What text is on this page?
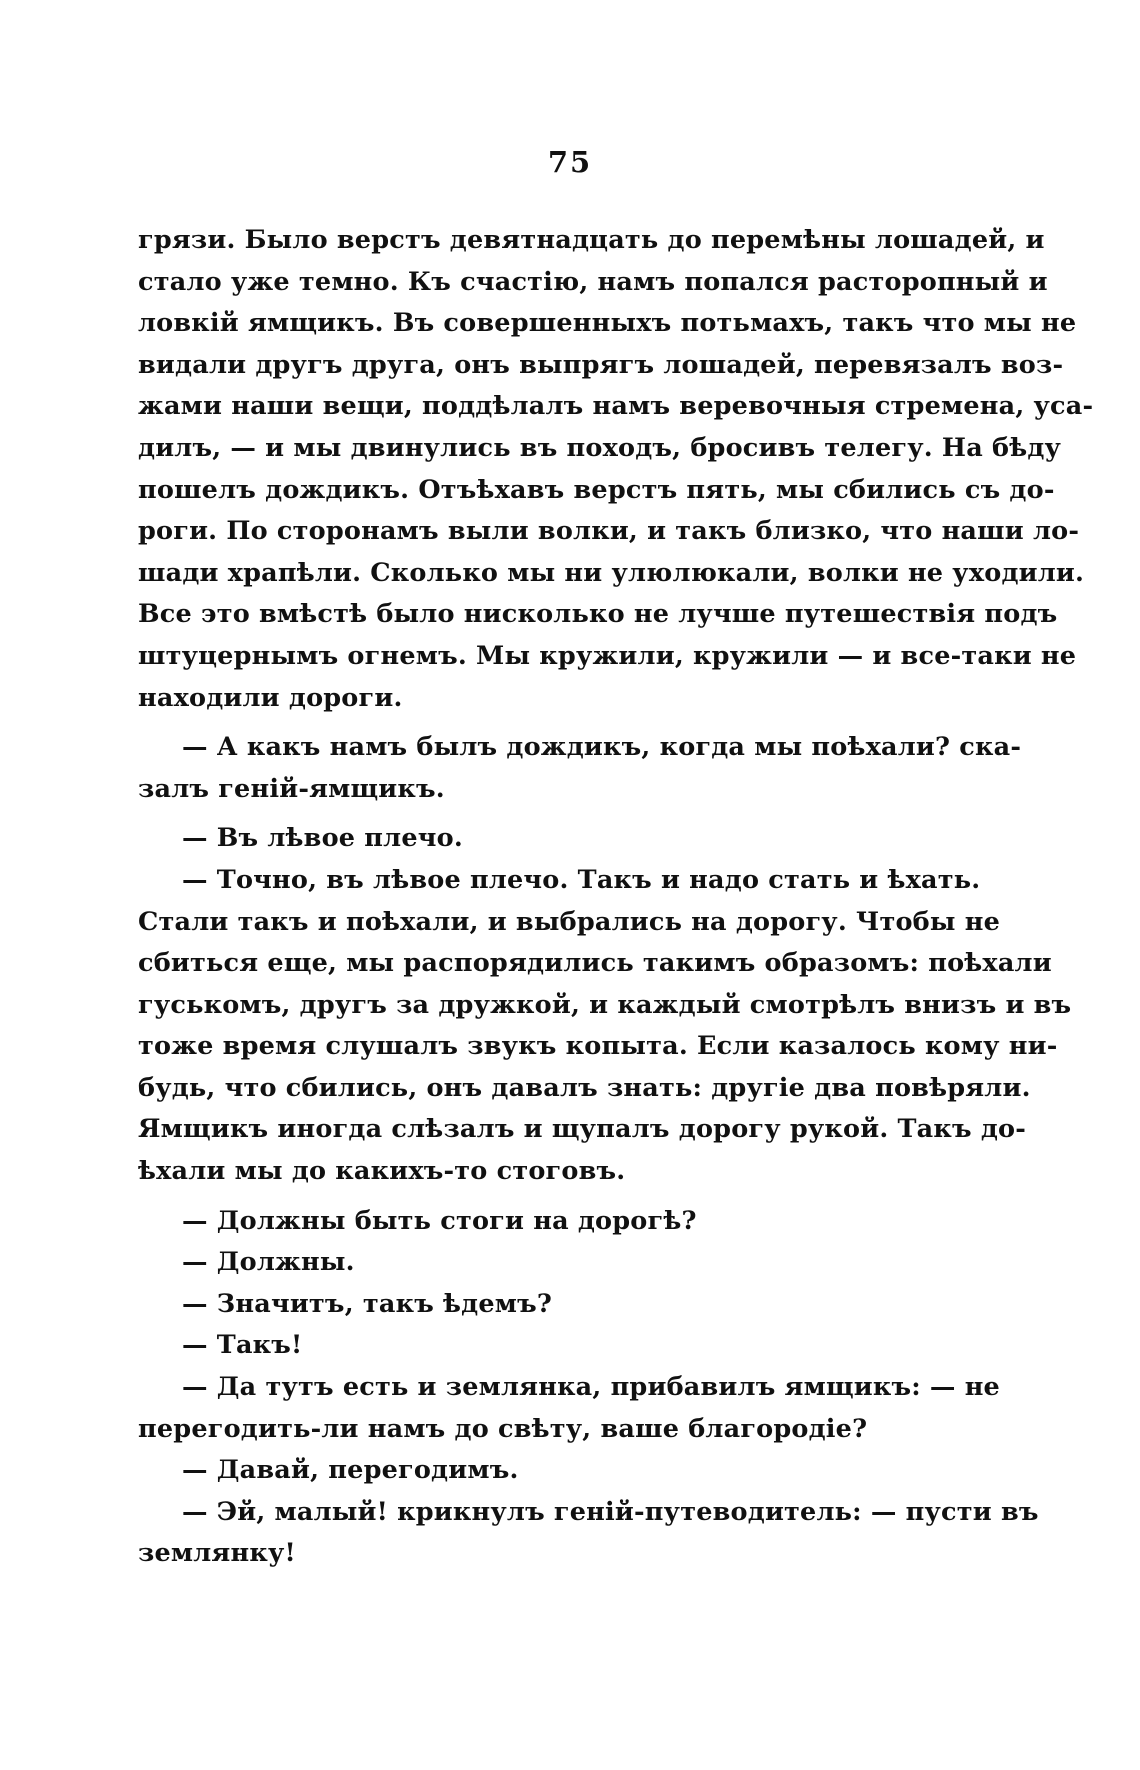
75
грязи. Было верстъ девятнадцать до перемѣны лошадей, и
стало уже темно. Къ счастію, намъ попался расторопный и
ловкій ямщикъ. Въ совершенныхъ потьмахъ, такъ что мы не
видали другъ друга, онъ выпрягъ лошадей, перевязалъ воз-
жами наши вещи, поддѣлалъ намъ веревочныя стремена, уса-
дилъ, — и мы двинулись въ походъ, бросивъ телегу. На бѣду
пошелъ дождикъ. Отъѣхавъ верстъ пять, мы сбились съ до-
роги. По сторонамъ выли волки, и такъ близко, что наши ло-
шади храпѣли. Сколько мы ни улюлюкали, волки не уходили.
Все это вмѣстѣ было нисколько не лучше путешествія подъ
штуцернымъ огнемъ. Мы кружили, кружили — и все-таки не
находили дороги.
— А какъ намъ былъ дождикъ, когда мы поѣхали? ска-
залъ геній-ямщикъ.
— Въ лѣвое плечо.
— Точно, въ лѣвое плечо. Такъ и надо стать и ѣхать.
Стали такъ и поѣхали, и выбрались на дорогу. Чтобы не
сбиться еще, мы распорядились такимъ образомъ: поѣхали
гуськомъ, другъ за дружкой, и каждый смотрѣлъ внизъ и въ
тоже время слушалъ звукъ копыта. Если казалось кому ни-
будь, что сбились, онъ давалъ знать: другіе два повѣряли.
Ямщикъ иногда слѣзалъ и щупалъ дорогу рукой. Такъ до-
ѣхали мы до какихъ-то стоговъ.
— Должны быть стоги на дорогѣ?
— Должны.
— Значитъ, такъ ѣдемъ?
— Такъ!
— Да тутъ есть и землянка, прибавилъ ямщикъ: — не
перегодить-ли намъ до свѣту, ваше благородіе?
— Давай, перегодимъ.
— Эй, малый! крикнулъ геній-путеводитель: — пусти въ
землянку!
